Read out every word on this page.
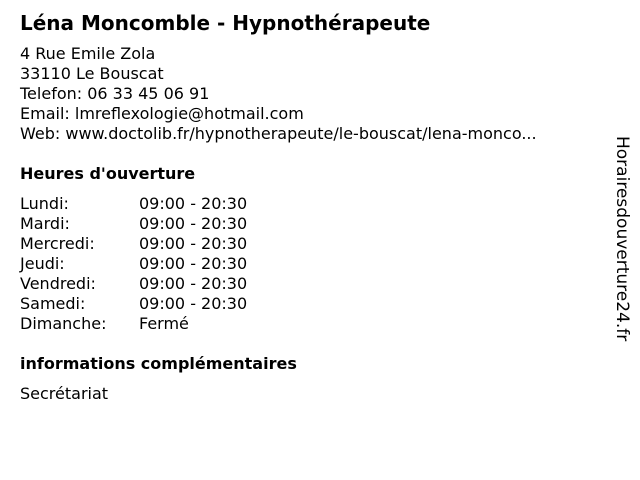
Léna Moncomble - Hypnothérapeute
4 Rue Emile Zola
33110 Le Bouscat
Telefon: 06 33 45 06 91
Email: lmreflexologie@hotmail.com
Web: www.doctolib.fr/hypnotherapeute/le-bouscat/lena-monco...
Heures d'ouverture
Lundi:	09:00 - 20:30
Mardi:	09:00 - 20:30
Mercredi:	09:00 - 20:30
Jeudi:	09:00 - 20:30
Vendredi:	09:00 - 20:30
Samedi:	09:00 - 20:30
Dimanche:	Fermé
informations complémentaires
Secrétariat
Horairesdouverture24.fr
